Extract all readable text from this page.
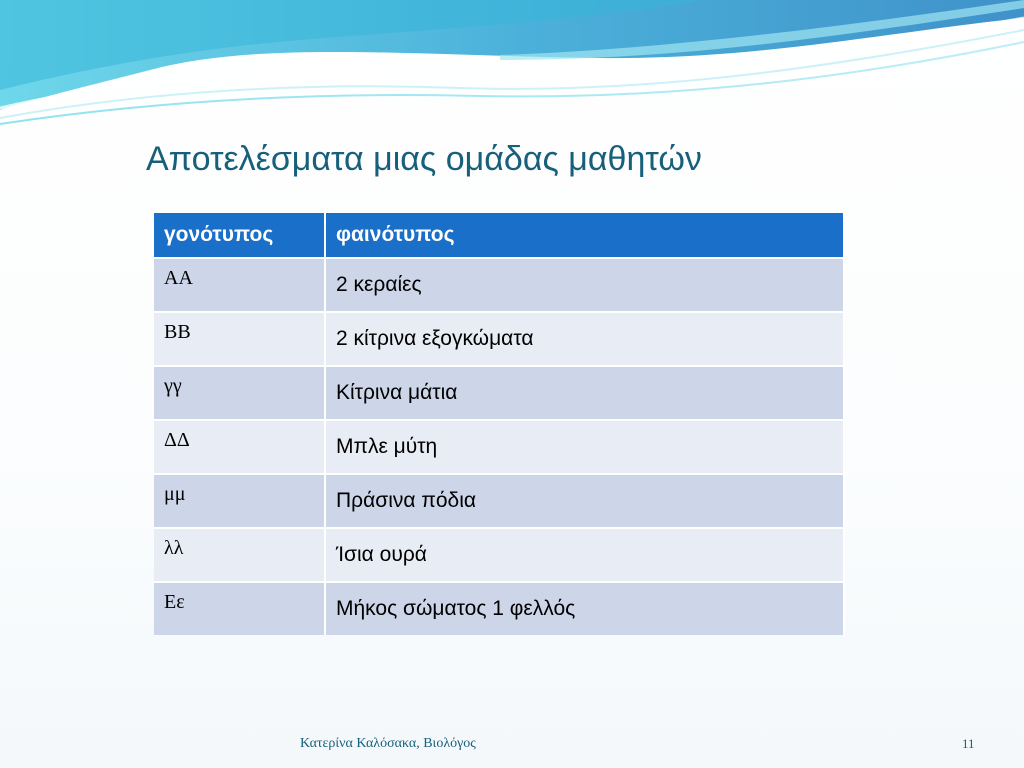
Αποτελέσματα μιας ομάδας μαθητών
γονότυπος	φαινότυπος
ΑΑ	2 κεραίες
ΒΒ	2 κίτρινα εξογκώματα
γγ	Κίτρινα μάτια
ΔΔ	Μπλε μύτη
μμ	Πράσινα πόδια
λλ	Ίσια ουρά
Εε	Μήκος σώματος 1 φελλός
Κατερίνα Καλόσακα, Βιολόγος	11
